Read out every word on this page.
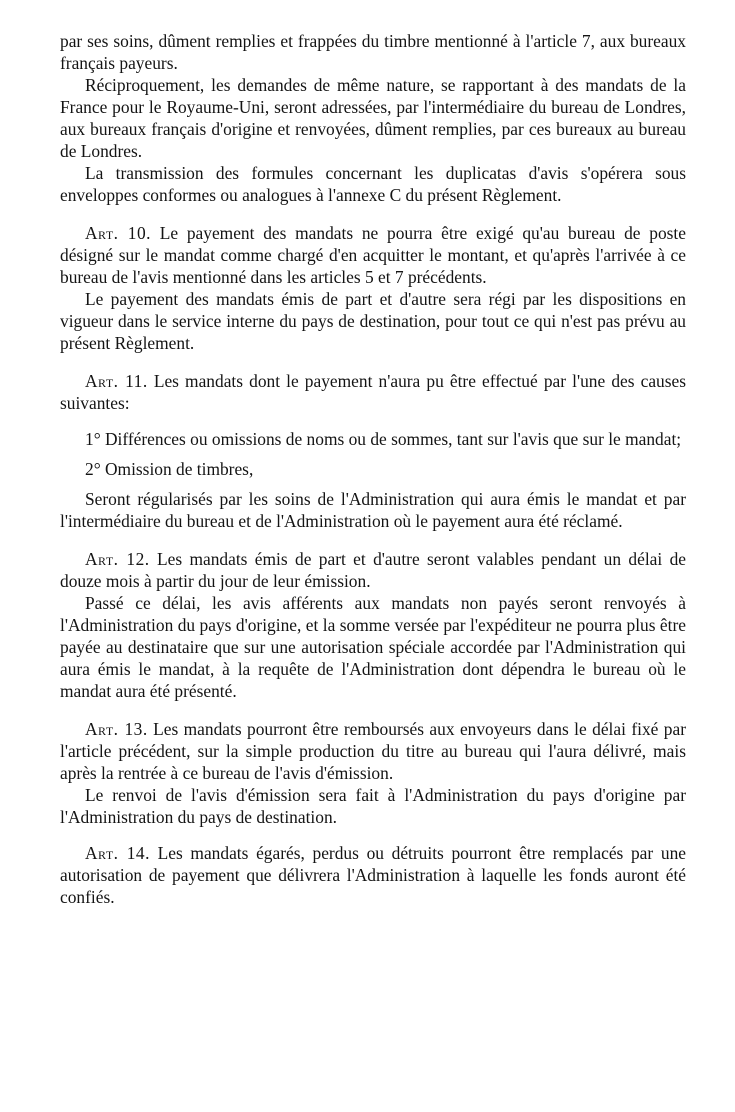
par ses soins, dûment remplies et frappées du timbre mentionné à l'article 7, aux bureaux français payeurs.

Réciproquement, les demandes de même nature, se rapportant à des mandats de la France pour le Royaume-Uni, seront adressées, par l'intermédiaire du bureau de Londres, aux bureaux français d'origine et renvoyées, dûment remplies, par ces bureaux au bureau de Londres.

La transmission des formules concernant les duplicatas d'avis s'opérera sous enveloppes conformes ou analogues à l'annexe C du présent Règlement.

Art. 10. Le payement des mandats ne pourra être exigé qu'au bureau de poste désigné sur le mandat comme chargé d'en acquitter le montant, et qu'après l'arrivée à ce bureau de l'avis mentionné dans les articles 5 et 7 précédents.

Le payement des mandats émis de part et d'autre sera régi par les dispositions en vigueur dans le service interne du pays de destination, pour tout ce qui n'est pas prévu au présent Règlement.

Art. 11. Les mandats dont le payement n'aura pu être effectué par l'une des causes suivantes:

1° Différences ou omissions de noms ou de sommes, tant sur l'avis que sur le mandat;

2° Omission de timbres,

Seront régularisés par les soins de l'Administration qui aura émis le mandat et par l'intermédiaire du bureau et de l'Administration où le payement aura été réclamé.

Art. 12. Les mandats émis de part et d'autre seront valables pendant un délai de douze mois à partir du jour de leur émission.

Passé ce délai, les avis afférents aux mandats non payés seront renvoyés à l'Administration du pays d'origine, et la somme versée par l'expéditeur ne pourra plus être payée au destinataire que sur une autorisation spéciale accordée par l'Administration qui aura émis le mandat, à la requête de l'Administration dont dépendra le bureau où le mandat aura été présenté.

Art. 13. Les mandats pourront être remboursés aux envoyeurs dans le délai fixé par l'article précédent, sur la simple production du titre au bureau qui l'aura délivré, mais après la rentrée à ce bureau de l'avis d'émission.

Le renvoi de l'avis d'émission sera fait à l'Administration du pays d'origine par l'Administration du pays de destination.

Art. 14. Les mandats égarés, perdus ou détruits pourront être remplacés par une autorisation de payement que délivrera l'Administration à laquelle les fonds auront été confiés.
